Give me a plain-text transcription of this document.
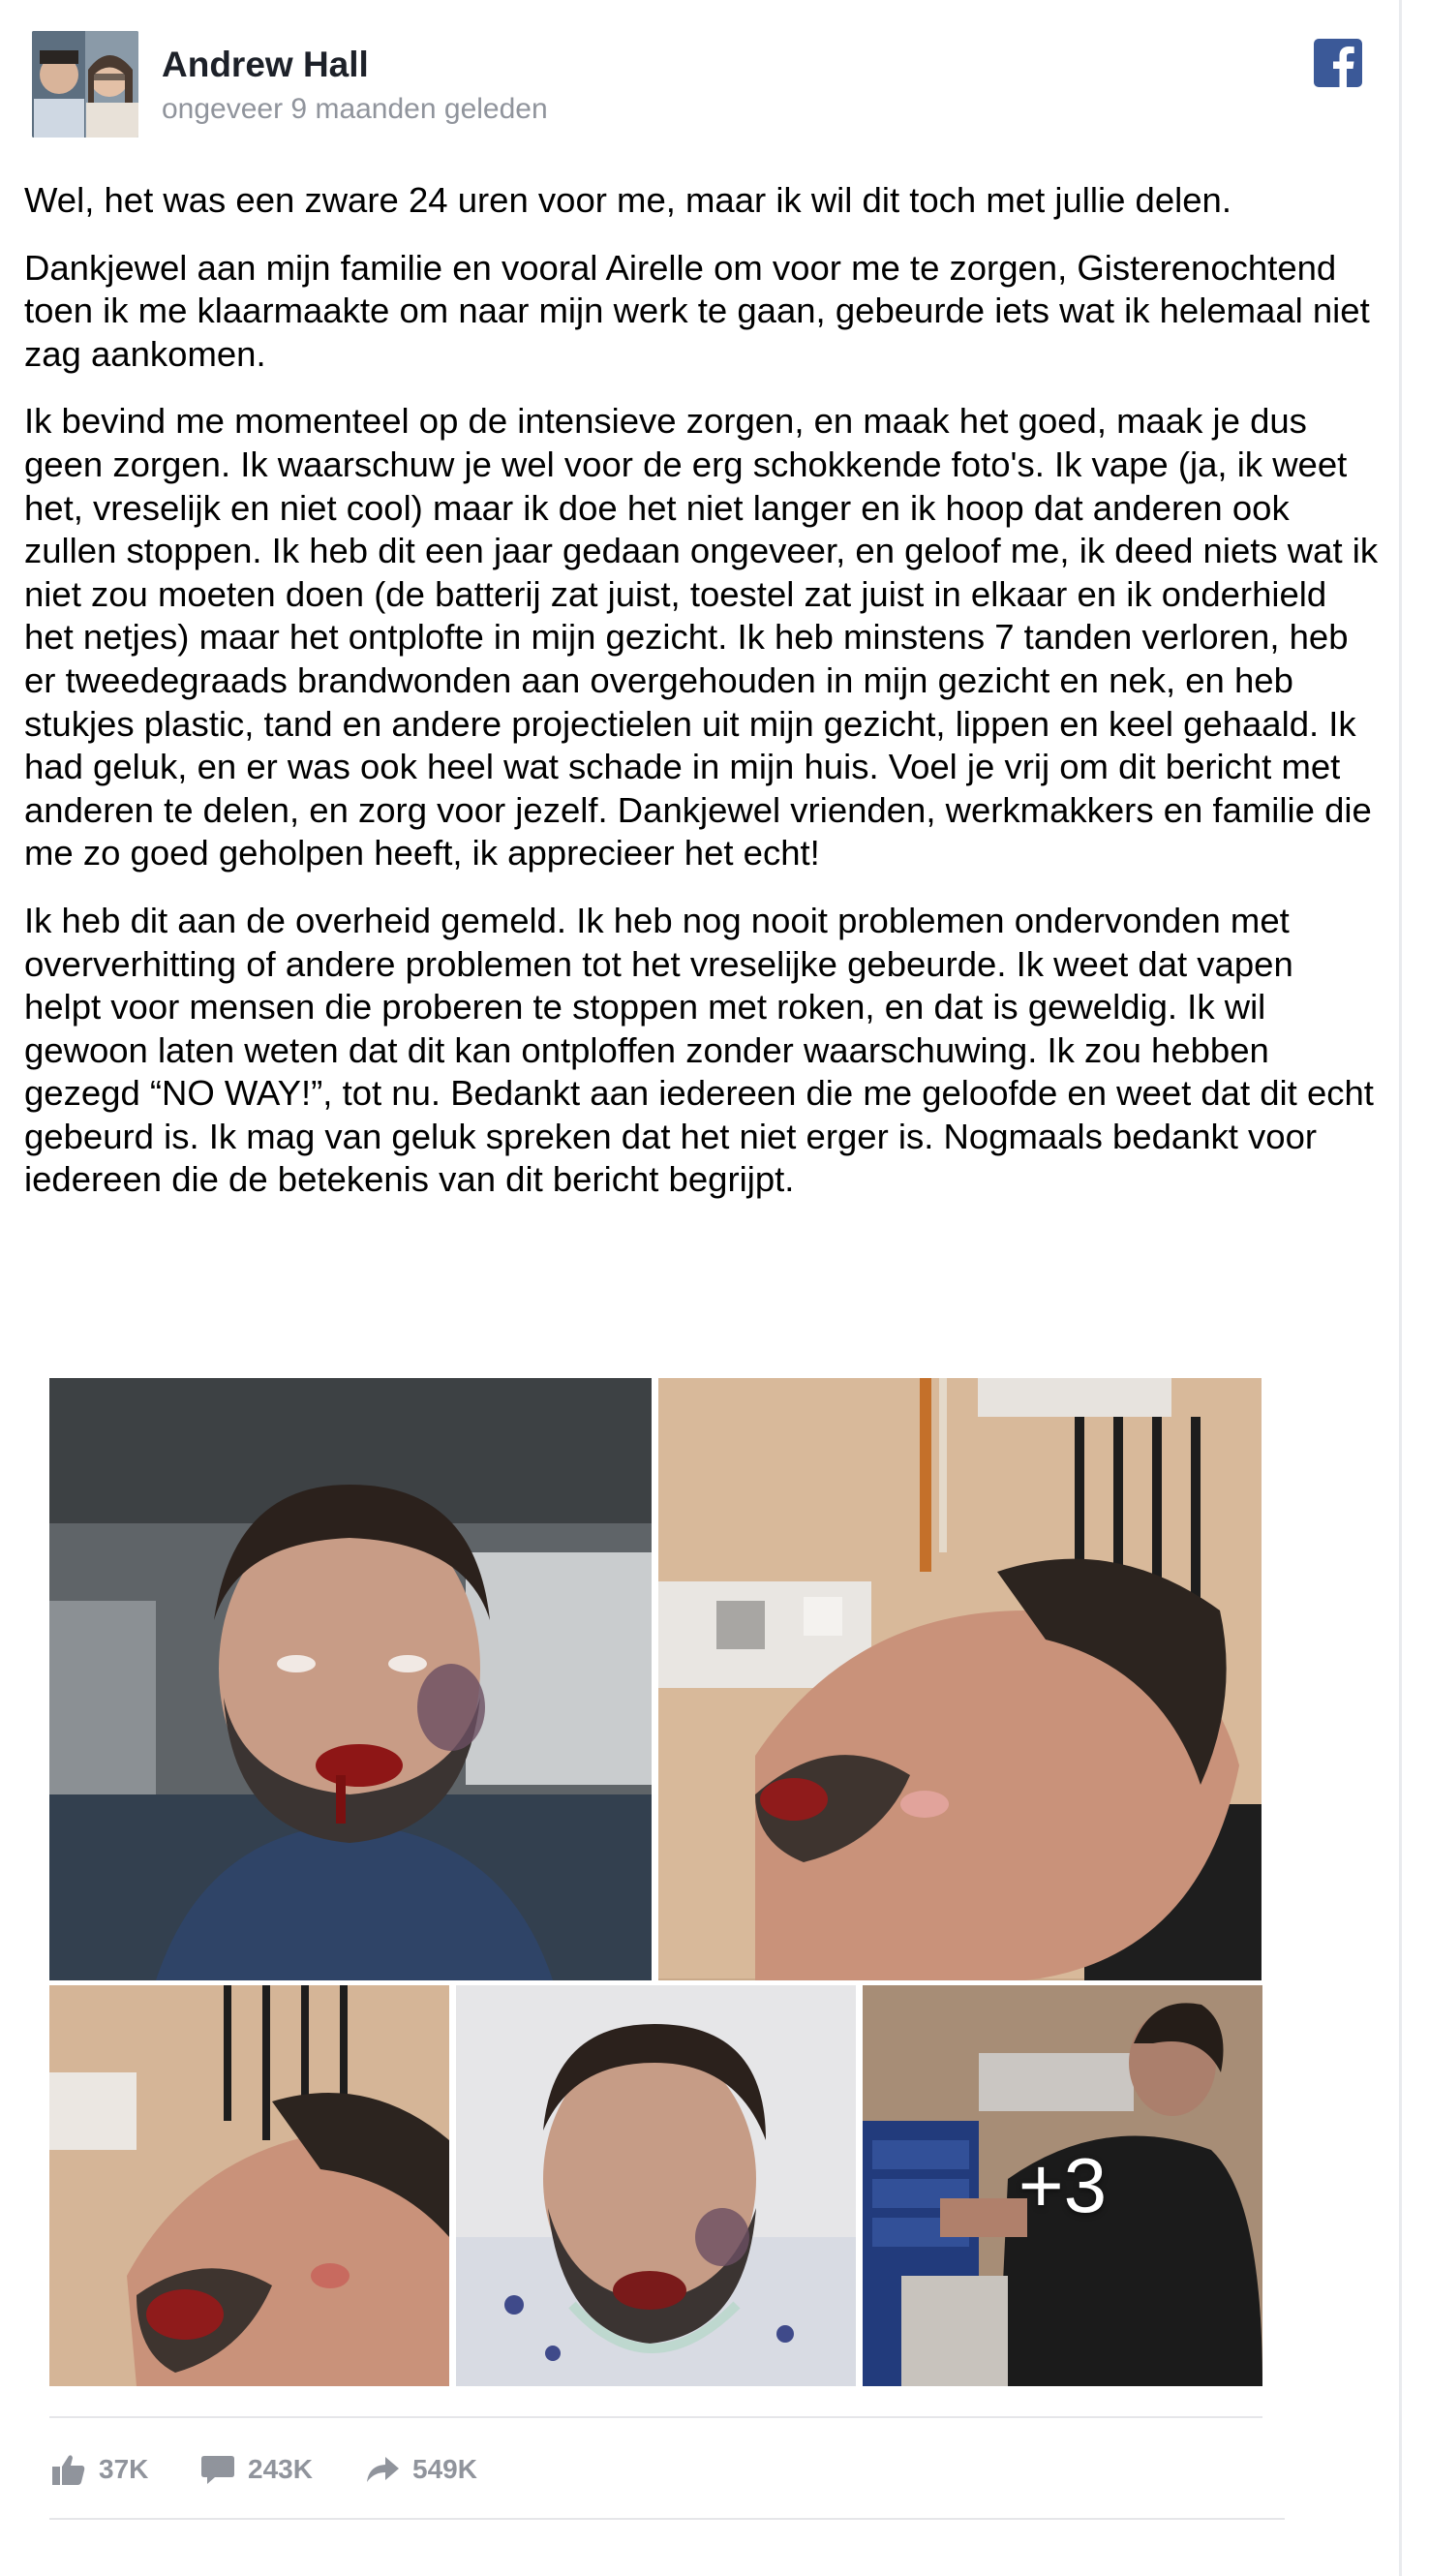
Andrew Hall
ongeveer 9 maanden geleden

Wel, het was een zware 24 uren voor me, maar ik wil dit toch met jullie delen.

Dankjewel aan mijn familie en vooral Airelle om voor me te zorgen, Gisterenochtend toen ik me klaarmaakte om naar mijn werk te gaan, gebeurde iets wat ik helemaal niet zag aankomen.

Ik bevind me momenteel op de intensieve zorgen, en maak het goed, maak je dus geen zorgen. Ik waarschuw je wel voor de erg schokkende foto's. Ik vape (ja, ik weet het, vreselijk en niet cool) maar ik doe het niet langer en ik hoop dat anderen ook zullen stoppen. Ik heb dit een jaar gedaan ongeveer, en geloof me, ik deed niets wat ik niet zou moeten doen (de batterij zat juist, toestel zat juist in elkaar en ik onderhield het netjes) maar het ontplofte in mijn gezicht. Ik heb minstens 7 tanden verloren, heb er tweedegraads brandwonden aan overgehouden in mijn gezicht en nek, en heb stukjes plastic, tand en andere projectielen uit mijn gezicht, lippen en keel gehaald. Ik had geluk, en er was ook heel wat schade in mijn huis. Voel je vrij om dit bericht met anderen te delen, en zorg voor jezelf. Dankjewel vrienden, werkmakkers en familie die me zo goed geholpen heeft, ik apprecieer het echt!

Ik heb dit aan de overheid gemeld. Ik heb nog nooit problemen ondervonden met oververhitting of andere problemen tot het vreselijke gebeurde. Ik weet dat vapen helpt voor mensen die proberen te stoppen met roken, en dat is geweldig. Ik wil gewoon laten weten dat dit kan ontploffen zonder waarschuwing. Ik zou hebben gezegd “NO WAY!”, tot nu. Bedankt aan iedereen die me geloofde en weet dat dit echt gebeurd is. Ik mag van geluk spreken dat het niet erger is. Nogmaals bedankt voor iedereen die de betekenis van dit bericht begrijpt.

+3
37K	243K	549K
